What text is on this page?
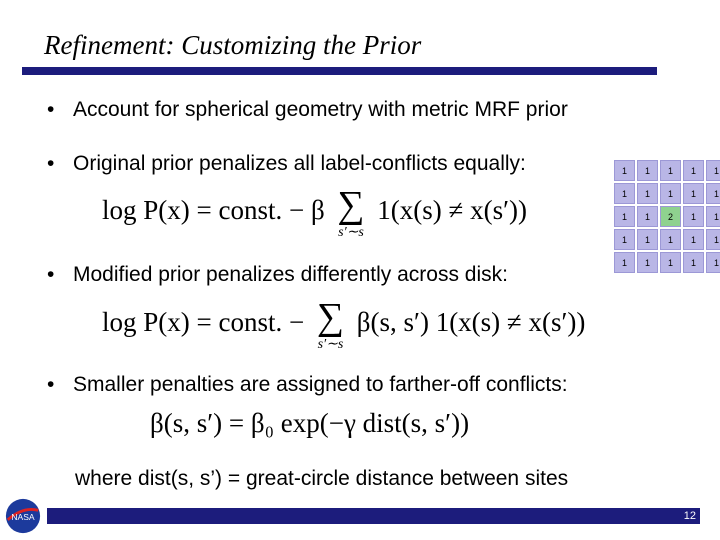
Refinement: Customizing the Prior
• Account for spherical geometry with metric MRF prior
• Original prior penalizes all label-conflicts equally:
log P(x) = const. − β ∑
s′∼s
1(x(s) ≠ x(s′))
1	1	1	1	1
1	1	1	1	1
1	1	2	1	1
1	1	1	1	1
1	1	1	1	1
• Modified prior penalizes differently across disk:
log P(x) = const. − ∑
s′∼s
β(s, s′) 1(x(s) ≠ x(s′))
• Smaller penalties are assigned to farther-off conflicts:
β(s, s′) = β₀ exp(−γ dist(s, s′))
where dist(s, s’) = great-circle distance between sites
NASA	12
